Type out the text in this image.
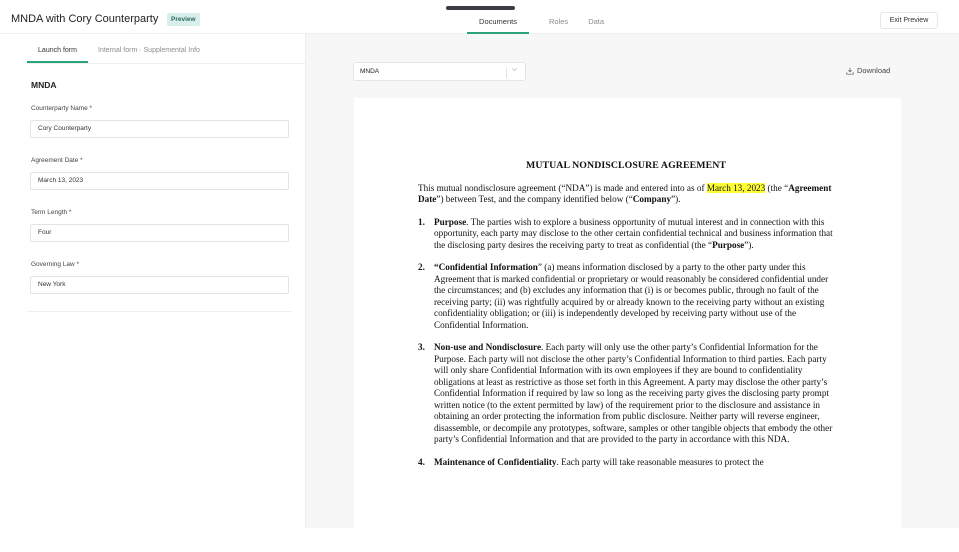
MNDA with Cory Counterparty	Preview	Documents	Roles	Data	Exit Preview
Launch form	Internal form · Supplemental Info
MNDA
Counterparty Name *
Cory Counterparty
Agreement Date *
March 13, 2023
Term Length *
Four
Governing Law *
New York
MNDA	Download
MUTUAL NONDISCLOSURE AGREEMENT
This mutual nondisclosure agreement (“NDA”) is made and entered into as of March 13, 2023 (the “Agreement Date”) between Test, and the company identified below (“Company”).
1. Purpose. The parties wish to explore a business opportunity of mutual interest and in connection with this opportunity, each party may disclose to the other certain confidential technical and business information that the disclosing party desires the receiving party to treat as confidential (the “Purpose”).
2. “Confidential Information” (a) means information disclosed by a party to the other party under this Agreement that is marked confidential or proprietary or would reasonably be considered confidential under the circumstances; and (b) excludes any information that (i) is or becomes public, through no fault of the receiving party; (ii) was rightfully acquired by or already known to the receiving party without an existing confidentiality obligation; or (iii) is independently developed by receiving party without use of the Confidential Information.
3. Non-use and Nondisclosure. Each party will only use the other party’s Confidential Information for the Purpose. Each party will not disclose the other party’s Confidential Information to third parties. Each party will only share Confidential Information with its own employees if they are bound to confidentiality obligations at least as restrictive as those set forth in this Agreement. A party may disclose the other party’s Confidential Information if required by law so long as the receiving party gives the disclosing party prompt written notice (to the extent permitted by law) of the requirement prior to the disclosure and assistance in obtaining an order protecting the information from public disclosure. Neither party will reverse engineer, disassemble, or decompile any prototypes, software, samples or other tangible objects that embody the other party’s Confidential Information and that are provided to the party in accordance with this NDA.
4. Maintenance of Confidentiality. Each party will take reasonable measures to protect the
